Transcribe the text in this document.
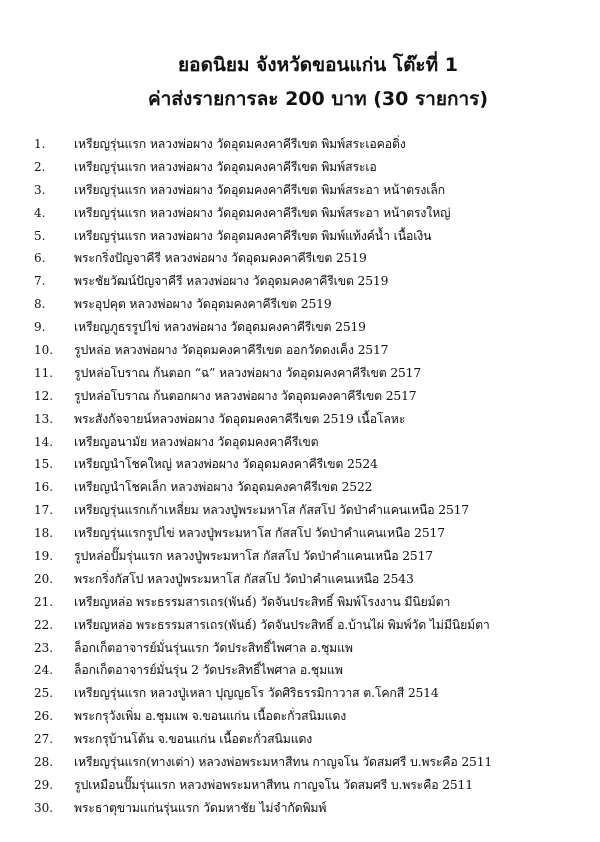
ยอดนิยม จังหวัดขอนแก่น โต๊ะที่ 1
ค่าส่งรายการละ 200 บาท (30 รายการ)
1.	เหรียญรุ่นแรก หลวงพ่อผาง วัดอุดมคงคาคีรีเขต พิมพ์สระเอคอติ่ง
2.	เหรียญรุ่นแรก หลวงพ่อผาง วัดอุดมคงคาคีรีเขต พิมพ์สระเอ
3.	เหรียญรุ่นแรก หลวงพ่อผาง วัดอุดมคงคาคีรีเขต พิมพ์สระอา หน้าตรงเล็ก
4.	เหรียญรุ่นแรก หลวงพ่อผาง วัดอุดมคงคาคีรีเขต พิมพ์สระอา หน้าตรงใหญ่
5.	เหรียญรุ่นแรก หลวงพ่อผาง วัดอุดมคงคาคีรีเขต พิมพ์แท้งค์น้ำ เนื้อเงิน
6.	พระกริ่งปัญจาคีรี หลวงพ่อผาง วัดอุดมคงคาคีรีเขต 2519
7.	พระชัยวัฒน์ปัญจาคีรี หลวงพ่อผาง วัดอุดมคงคาคีรีเขต 2519
8.	พระอุปคุต หลวงพ่อผาง วัดอุดมคงคาคีรีเขต 2519
9.	เหรียญภูธรรูปไข่ หลวงพ่อผาง วัดอุดมคงคาคีรีเขต 2519
10.	รูปหล่อ หลวงพ่อผาง วัดอุดมคงคาคีรีเขต ออกวัดดงเค็ง 2517
11.	รูปหล่อโบราณ ก้นตอก “ฉ” หลวงพ่อผาง วัดอุดมคงคาคีรีเขต 2517
12.	รูปหล่อโบราณ ก้นตอกผาง หลวงพ่อผาง วัดอุดมคงคาคีรีเขต 2517
13.	พระสังกัจจายน์หลวงพ่อผาง วัดอุดมคงคาคีรีเขต 2519 เนื้อโลหะ
14.	เหรียญอนามัย หลวงพ่อผาง วัดอุดมคงคาคีรีเขต
15.	เหรียญนำโชคใหญ่ หลวงพ่อผาง วัดอุดมคงคาคีรีเขต 2524
16.	เหรียญนำโชคเล็ก หลวงพ่อผาง วัดอุดมคงคาคีรีเขต 2522
17.	เหรียญรุ่นแรกเก้าเหลี่ยม หลวงปู่พระมหาโส กัสสโป วัดป่าคำแคนเหนือ 2517
18.	เหรียญรุ่นแรกรูปไข่ หลวงปู่พระมหาโส กัสสโป วัดป่าคำแคนเหนือ 2517
19.	รูปหล่อปั๊มรุ่นแรก หลวงปู่พระมหาโส กัสสโป วัดป่าคำแคนเหนือ 2517
20.	พระกริ่งกัสโป หลวงปู่พระมหาโส กัสสโป วัดป่าคำแคนเหนือ 2543
21.	เหรียญหล่อ พระธรรมสารเถร(พันธ์) วัดจันประสิทธิ์ พิมพ์โรงงาน มีนิยม์ตา
22.	เหรียญหล่อ พระธรรมสารเถร(พันธ์) วัดจันประสิทธิ์ อ.บ้านไผ่ พิมพ์วัด ไม่มีนิยม์ตา
23.	ล็อกเก็ตอาจารย์มั่นรุ่นแรก วัดประสิทธิ์ไพศาล อ.ชุมแพ
24.	ล็อกเก็ตอาจารย์มั่นรุ่น 2 วัดประสิทธิ์ไพศาล อ.ชุมแพ
25.	เหรียญรุ่นแรก หลวงปู่เหลา ปุญญธโร วัดศิริธรรมิกาวาส ต.โคกสี 2514
26.	พระกรุวังเพิ่ม อ.ชุมแพ จ.ขอนแก่น เนื้อตะกั่วสนิมแดง
27.	พระกรุบ้านโต้น จ.ขอนแก่น เนื้อตะกั่วสนิมแดง
28.	เหรียญรุ่นแรก(ทางเต่า) หลวงพ่อพระมหาสีทน กาญจโน วัดสมศรี บ.พระคือ 2511
29.	รูปเหมือนปั๊มรุ่นแรก หลวงพ่อพระมหาสีทน กาญจโน วัดสมศรี บ.พระคือ 2511
30.	พระธาตุขามแก่นรุ่นแรก วัดมหาชัย ไม่จำกัดพิมพ์
